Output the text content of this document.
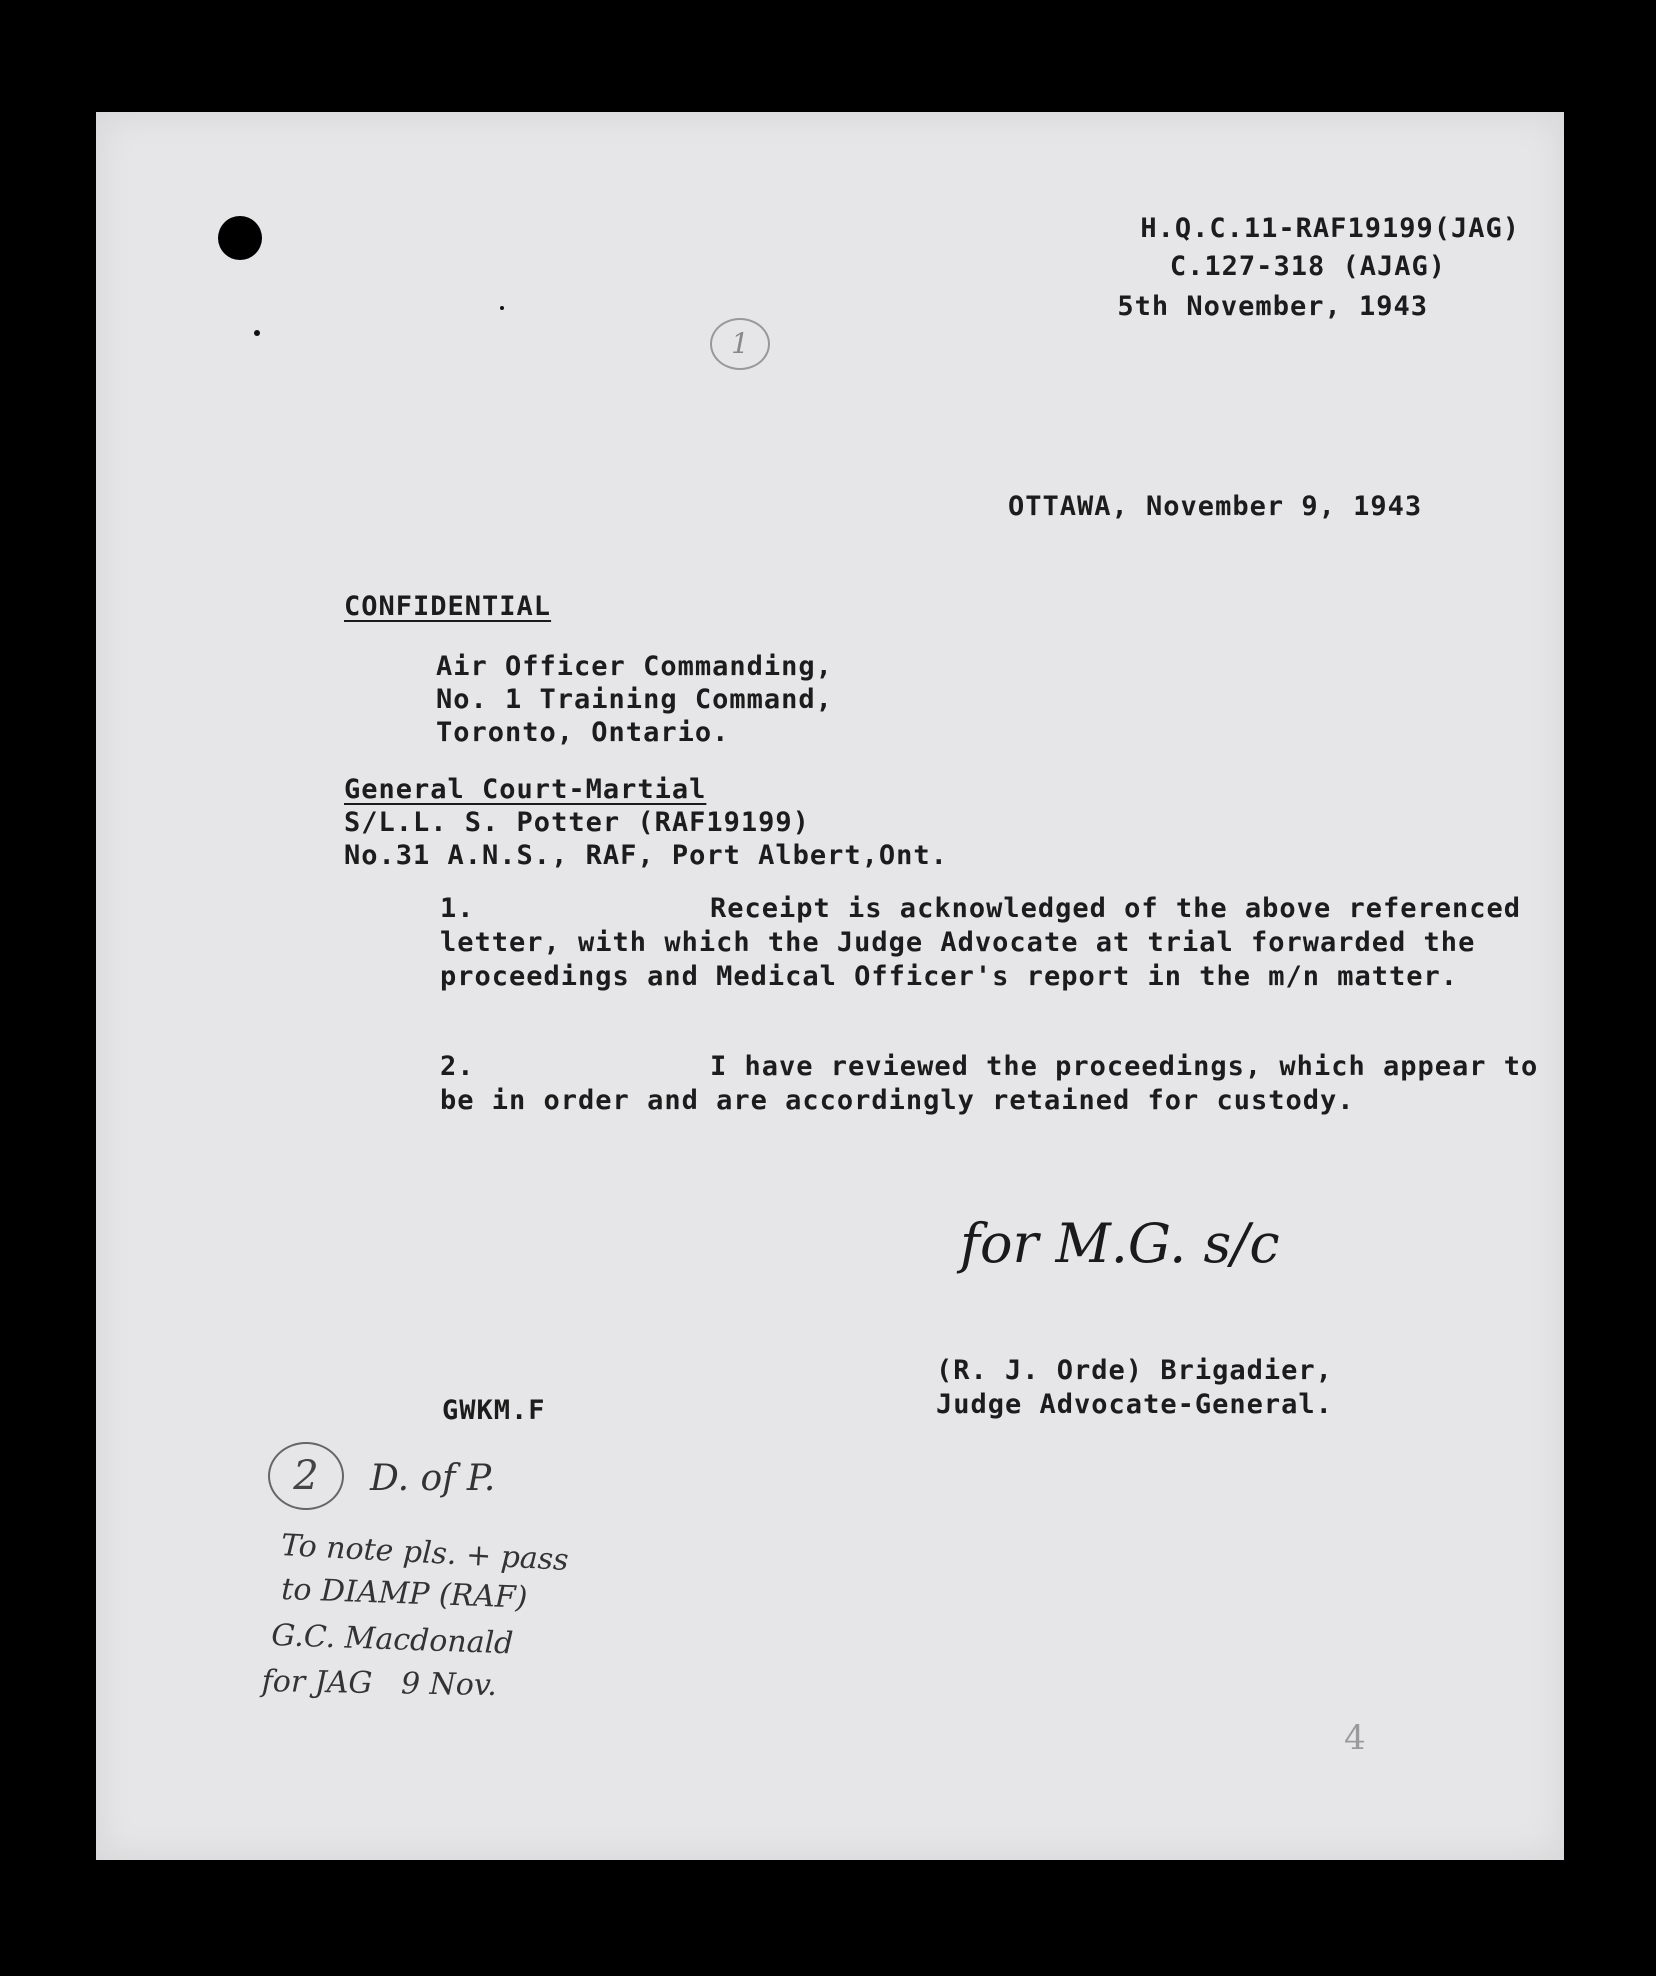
H.Q.C.11-RAF19199(JAG)
C.127-318 (AJAG)
5th November, 1943
1
OTTAWA, November 9, 1943
CONFIDENTIAL
Air Officer Commanding,
No. 1 Training Command,
Toronto, Ontario.
General Court-Martial
S/L.L. S. Potter (RAF19199)
No.31 A.N.S., RAF, Port Albert,Ont.
1.	Receipt is acknowledged of the above referenced letter, with which the Judge Advocate at trial forwarded the proceedings and Medical Officer's report in the m/n matter.
2.	I have reviewed the proceedings, which appear to be in order and are accordingly retained for custody.
for M.G. s/c
(R. J. Orde) Brigadier,
Judge Advocate-General.
GWKM.F
2	D. of P.
To note pls. + pass
to DIAMP (RAF)
G.C. Macdonald
for JAG   9 Nov.
4
